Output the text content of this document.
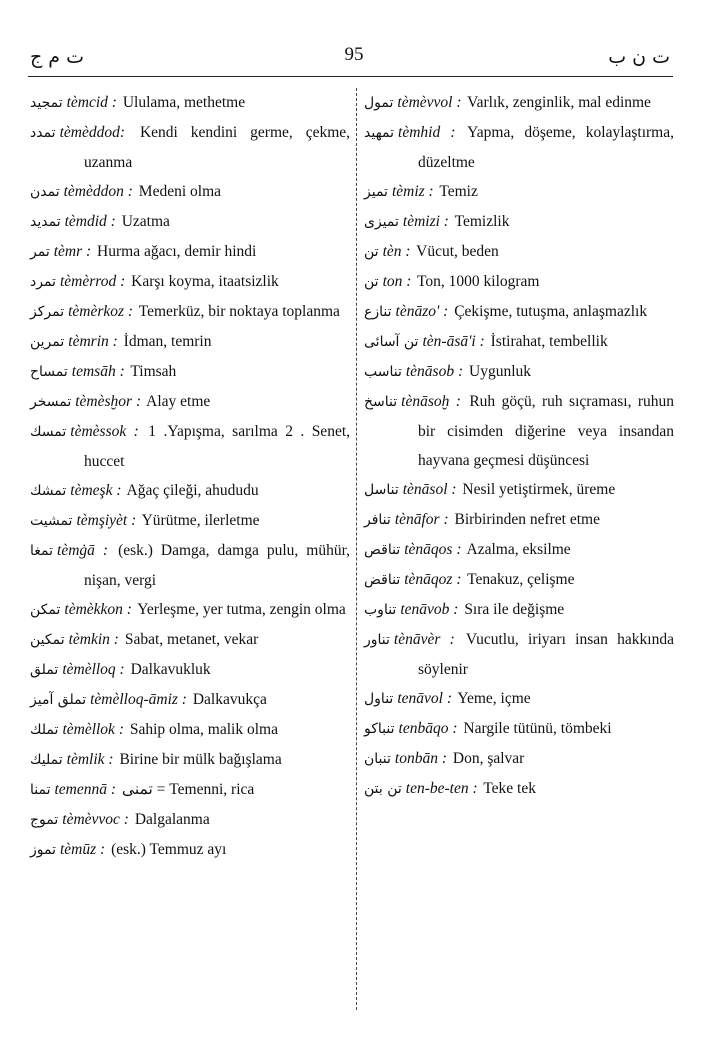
ت م ج	95	ت ن ب

تمجید tèmcid : Ululama, methetme

تمدد tèmèddod: Kendi kendini germe, çekme, uzanma

تمدن tèmèddon : Medeni olma

تمدید tèmdid : Uzatma

تمر tèmr : Hurma ağacı, demir hindi

تمرد tèmèrrod : Karşı koyma, itaatsizlik

تمرکز tèmèrkoz : Temerküz, bir noktaya toplanma

تمرین tèmrin : İdman, temrin

تمساح temsāh : Timsah

تمسخر tèmèsḫor : Alay etme

تمسك tèmèssok : 1 .Yapışma, sarılma 2 . Senet, huccet

تمشك tèmeşk : Ağaç çileği, ahududu

تمشیت tèmşiyèt : Yürütme, ilerletme

تمغا tèmġā : (esk.) Damga, damga pulu, mühür, nişan, vergi

تمكن tèmèkkon : Yerleşme, yer tutma, zengin olma

تمكین tèmkin : Sabat, metanet, vekar

تملق tèmèlloq : Dalkavukluk

تملق آمیز tèmèlloq-āmiz : Dalkavukça

تملك tèmèllok : Sahip olma, malik olma

تملیك tèmlik : Birine bir mülk bağışlama

تمنا temennā : تمنی = Temenni, rica

تموج tèmèvvoc : Dalgalanma

تموز tèmūz : (esk.) Temmuz ayı

تمول tèmèvvol : Varlık, zenginlik, mal edinme

تمهید tèmhid : Yapma, döşeme, kolaylaştırma, düzeltme

تمیز tèmiz : Temiz

تمیزی tèmizi : Temizlik

تن tèn : Vücut, beden

تن ton : Ton, 1000 kilogram

تنازع tènāzo' : Çekişme, tutuşma, anlaşmazlık

تن آسائی tèn-āsā'i : İstirahat, tembellik

تناسب tènāsob : Uygunluk

تناسخ tènāsoḫ : Ruh göçü, ruh sıçraması, ruhun bir cisimden diğerine veya insandan hayvana geçmesi düşüncesi

تناسل tènāsol : Nesil yetiştirmek, üreme

تنافر tènāfor : Birbirinden nefret etme

تناقص tènāqos : Azalma, eksilme

تناقض tènāqoz : Tenakuz, çelişme

تناوب tenāvob : Sıra ile değişme

تناور tènāvèr : Vucutlu, iriyarı insan hakkında söylenir

تناول tenāvol : Yeme, içme

تنباكو tenbāqo : Nargile tütünü, tömbeki

تنبان tonbān : Don, şalvar

تن بتن ten-be-ten : Teke tek
